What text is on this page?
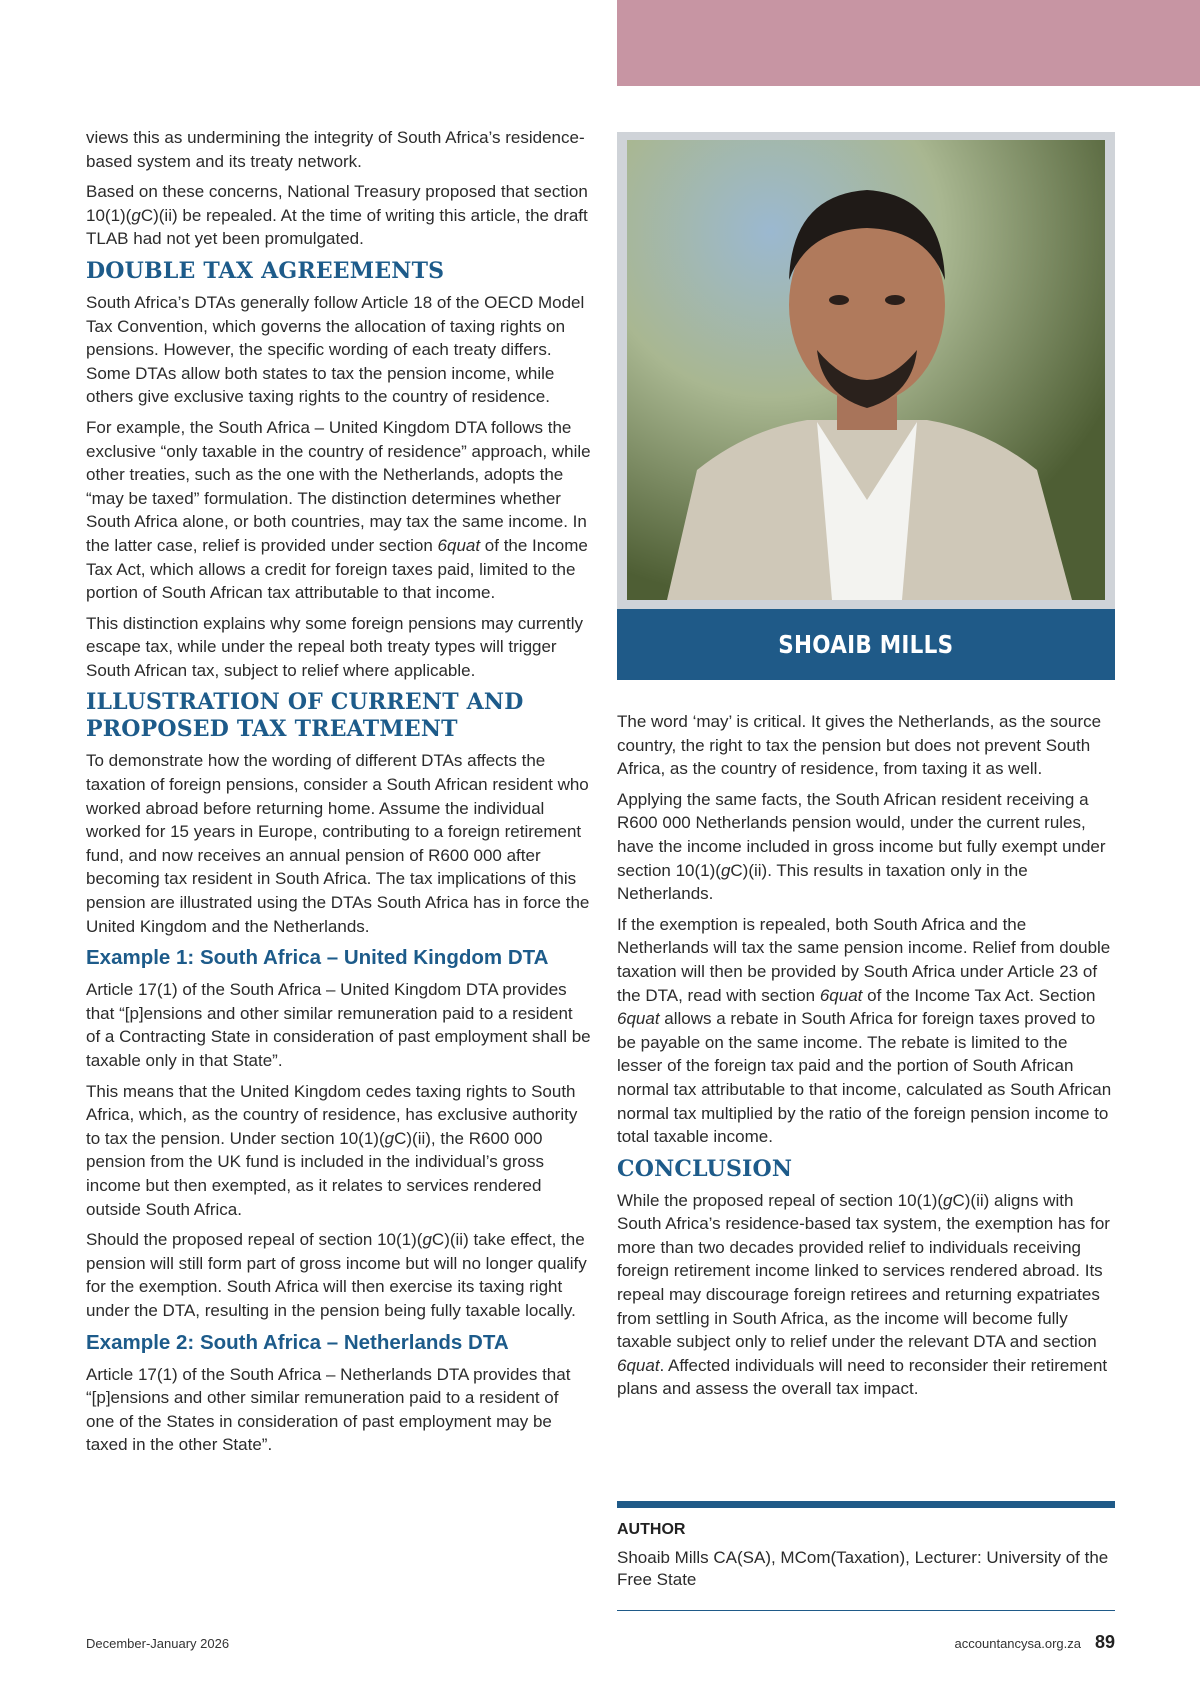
views this as undermining the integrity of South Africa’s residence-based system and its treaty network.

Based on these concerns, National Treasury proposed that section 10(1)(gC)(ii) be repealed. At the time of writing this article, the draft TLAB had not yet been promulgated.

DOUBLE TAX AGREEMENTS

South Africa’s DTAs generally follow Article 18 of the OECD Model Tax Convention, which governs the allocation of taxing rights on pensions. However, the specific wording of each treaty differs. Some DTAs allow both states to tax the pension income, while others give exclusive taxing rights to the country of residence.

For example, the South Africa – United Kingdom DTA follows the exclusive “only taxable in the country of residence” approach, while other treaties, such as the one with the Netherlands, adopts the “may be taxed” formulation. The distinction determines whether South Africa alone, or both countries, may tax the same income. In the latter case, relief is provided under section 6quat of the Income Tax Act, which allows a credit for foreign taxes paid, limited to the portion of South African tax attributable to that income.

This distinction explains why some foreign pensions may currently escape tax, while under the repeal both treaty types will trigger South African tax, subject to relief where applicable.

ILLUSTRATION OF CURRENT AND PROPOSED TAX TREATMENT

To demonstrate how the wording of different DTAs affects the taxation of foreign pensions, consider a South African resident who worked abroad before returning home. Assume the individual worked for 15 years in Europe, contributing to a foreign retirement fund, and now receives an annual pension of R600 000 after becoming tax resident in South Africa. The tax implications of this pension are illustrated using the DTAs South Africa has in force the United Kingdom and the Netherlands.

Example 1: South Africa – United Kingdom DTA

Article 17(1) of the South Africa – United Kingdom DTA provides that “[p]ensions and other similar remuneration paid to a resident of a Contracting State in consideration of past employment shall be taxable only in that State”.

This means that the United Kingdom cedes taxing rights to South Africa, which, as the country of residence, has exclusive authority to tax the pension. Under section 10(1)(gC)(ii), the R600 000 pension from the UK fund is included in the individual’s gross income but then exempted, as it relates to services rendered outside South Africa.

Should the proposed repeal of section 10(1)(gC)(ii) take effect, the pension will still form part of gross income but will no longer qualify for the exemption. South Africa will then exercise its taxing right under the DTA, resulting in the pension being fully taxable locally.

Example 2: South Africa – Netherlands DTA

Article 17(1) of the South Africa – Netherlands DTA provides that “[p]ensions and other similar remuneration paid to a resident of one of the States in consideration of past employment may be taxed in the other State”.

SHOAIB MILLS

The word ‘may’ is critical. It gives the Netherlands, as the source country, the right to tax the pension but does not prevent South Africa, as the country of residence, from taxing it as well.

Applying the same facts, the South African resident receiving a R600 000 Netherlands pension would, under the current rules, have the income included in gross income but fully exempt under section 10(1)(gC)(ii). This results in taxation only in the Netherlands.

If the exemption is repealed, both South Africa and the Netherlands will tax the same pension income. Relief from double taxation will then be provided by South Africa under Article 23 of the DTA, read with section 6quat of the Income Tax Act. Section 6quat allows a rebate in South Africa for foreign taxes proved to be payable on the same income. The rebate is limited to the lesser of the foreign tax paid and the portion of South African normal tax attributable to that income, calculated as South African normal tax multiplied by the ratio of the foreign pension income to total taxable income.

CONCLUSION

While the proposed repeal of section 10(1)(gC)(ii) aligns with South Africa’s residence-based tax system, the exemption has for more than two decades provided relief to individuals receiving foreign retirement income linked to services rendered abroad. Its repeal may discourage foreign retirees and returning expatriates from settling in South Africa, as the income will become fully taxable subject only to relief under the relevant DTA and section 6quat. Affected individuals will need to reconsider their retirement plans and assess the overall tax impact.

AUTHOR
Shoaib Mills CA(SA), MCom(Taxation), Lecturer: University of the Free State
December-January 2026	accountancysa.org.za 89
